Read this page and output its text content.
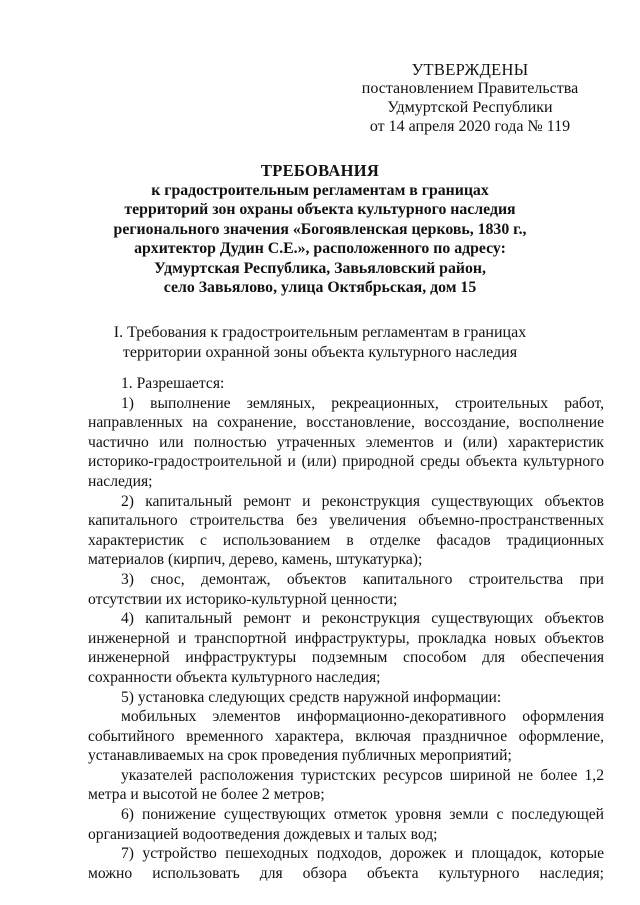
УТВЕРЖДЕНЫ
постановлением Правительства
Удмуртской Республики
от 14 апреля 2020 года № 119
ТРЕБОВАНИЯ
к градостроительным регламентам в границах
территорий зон охраны объекта культурного наследия
регионального значения «Богоявленская церковь, 1830 г.,
архитектор Дудин С.Е.», расположенного по адресу:
Удмуртская Республика, Завьяловский район,
село Завьялово, улица Октябрьская, дом 15
I. Требования к градостроительным регламентам в границах
территории охранной зоны объекта культурного наследия

1. Разрешается:

1) выполнение земляных, рекреационных, строительных работ, направленных на сохранение, восстановление, воссоздание, восполнение частично или полностью утраченных элементов и (или) характеристик историко-градостроительной и (или) природной среды объекта культурного наследия;

2) капитальный ремонт и реконструкция существующих объектов капитального строительства без увеличения объемно-пространственных характеристик с использованием в отделке фасадов традиционных материалов (кирпич, дерево, камень, штукатурка);

3) снос, демонтаж, объектов капитального строительства при отсутствии их историко-культурной ценности;

4) капитальный ремонт и реконструкция существующих объектов инженерной и транспортной инфраструктуры, прокладка новых объектов инженерной инфраструктуры подземным способом для обеспечения сохранности объекта культурного наследия;

5) установка следующих средств наружной информации:

мобильных элементов информационно-декоративного оформления событийного временного характера, включая праздничное оформление, устанавливаемых на срок проведения публичных мероприятий;

указателей расположения туристских ресурсов шириной не более 1,2 метра и высотой не более 2 метров;

6) понижение существующих отметок уровня земли с последующей организацией водоотведения дождевых и талых вод;

7) устройство пешеходных подходов, дорожек и площадок, которые можно использовать для обзора объекта культурного наследия;
